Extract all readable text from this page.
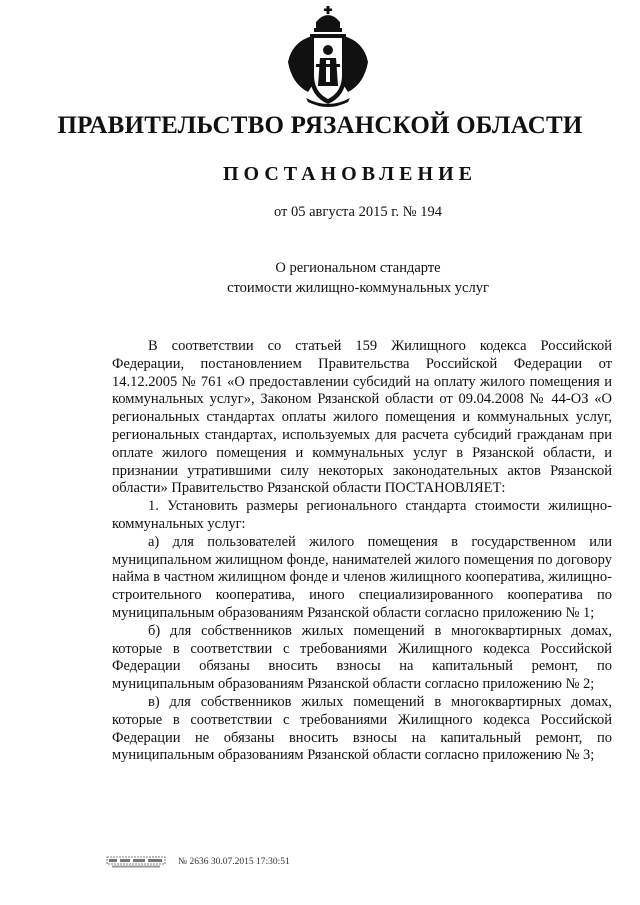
ПРАВИТЕЛЬСТВО РЯЗАНСКОЙ ОБЛАСТИ
ПОСТАНОВЛЕНИЕ
от 05 августа 2015 г. № 194
О региональном стандарте
стоимости жилищно-коммунальных услуг

В соответствии со статьей 159 Жилищного кодекса Российской Федерации, постановлением Правительства Российской Федерации от 14.12.2005 № 761 «О предоставлении субсидий на оплату жилого помещения и коммунальных услуг», Законом Рязанской области от 09.04.2008 № 44-ОЗ «О региональных стандартах оплаты жилого помещения и коммунальных услуг, региональных стандартах, используемых для расчета субсидий гражданам при оплате жилого помещения и коммунальных услуг в Рязанской области, и признании утратившими силу некоторых законодательных актов Рязанской области» Правительство Рязанской области ПОСТАНОВЛЯЕТ:

1. Установить размеры регионального стандарта стоимости жилищно-коммунальных услуг:

а) для пользователей жилого помещения в государственном или муниципальном жилищном фонде, нанимателей жилого помещения по договору найма в частном жилищном фонде и членов жилищного кооператива, жилищно-строительного кооператива, иного специализированного кооператива по муниципальным образованиям Рязанской области согласно приложению № 1;

б) для собственников жилых помещений в многоквартирных домах, которые в соответствии с требованиями Жилищного кодекса Российской Федерации обязаны вносить взносы на капитальный ремонт, по муниципальным образованиям Рязанской области согласно приложению № 2;

в) для собственников жилых помещений в многоквартирных домах, которые в соответствии с требованиями Жилищного кодекса Российской Федерации не обязаны вносить взносы на капитальный ремонт, по муниципальным образованиям Рязанской области согласно приложению № 3;

№ 2636 30.07.2015 17:30:51
